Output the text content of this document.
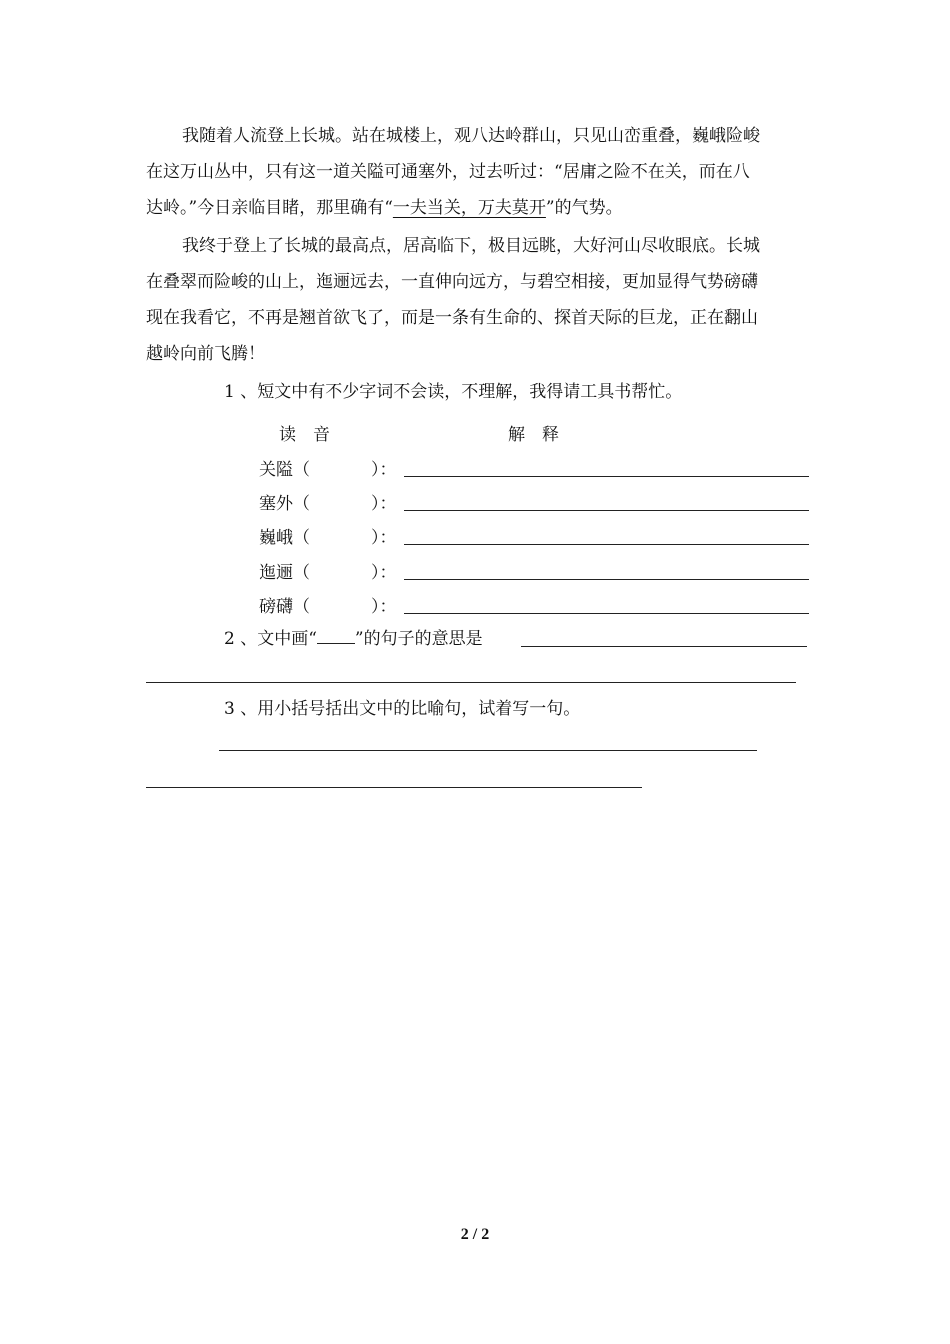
我随着人流登上长城。站在城楼上，观八达岭群山，只见山峦重叠，巍峨险峻
在这万山丛中，只有这一道关隘可通塞外，过去听过：“居庸之险不在关，而在八
达岭。”今日亲临目睹，那里确有“一夫当关，万夫莫开”的气势。
我终于登上了长城的最高点，居高临下，极目远眺，大好河山尽收眼底。长城
在叠翠而险峻的山上，迤逦远去，一直伸向远方，与碧空相接，更加显得气势磅礴
现在我看它，不再是翘首欲飞了，而是一条有生命的、探首天际的巨龙，正在翻山
越岭向前飞腾！
1 、短文中有不少字词不会读，不理解，我得请工具书帮忙。
读　音	解　释
关隘（	）：
塞外（	）：
巍峨（	）：
迤逦（	）：
磅礴（	）：
2 、文中画“ ”的句子的意思是
3 、用小括号括出文中的比喻句，试着写一句。
2 / 2
